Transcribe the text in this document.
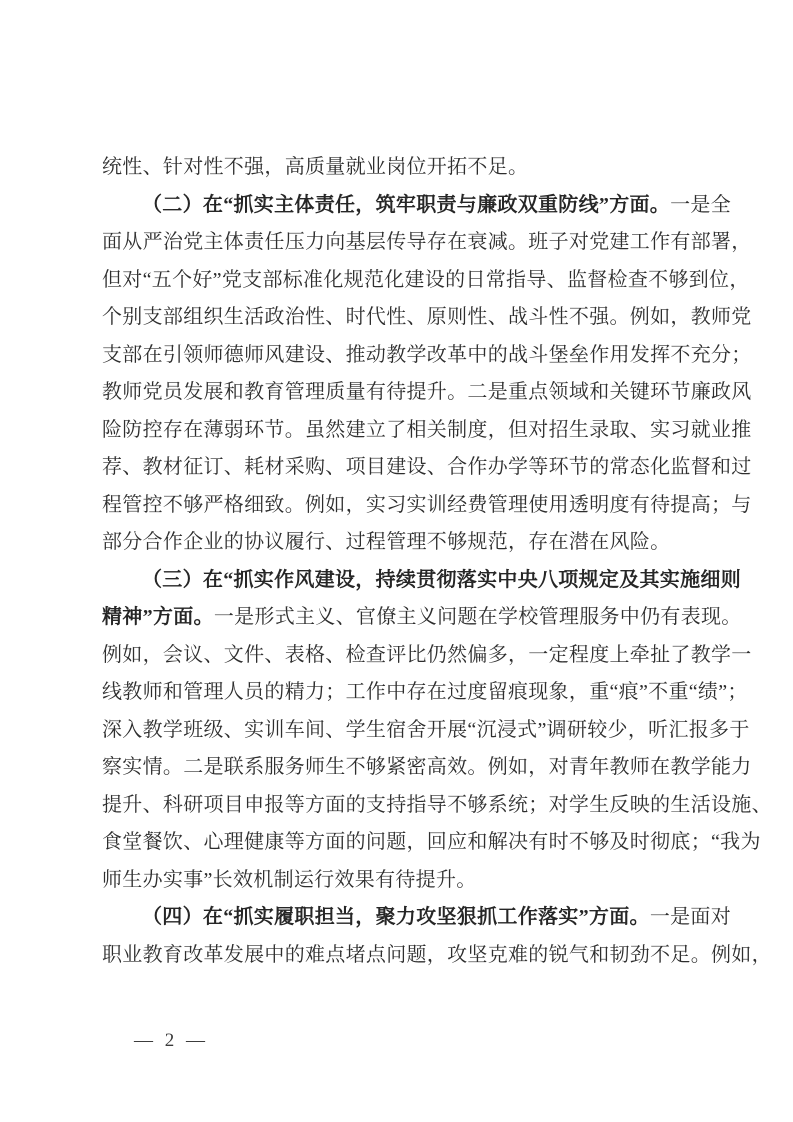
统性、针对性不强，高质量就业岗位开拓不足。
（二）在“抓实主体责任，筑牢职责与廉政双重防线”方面。一是全
面从严治党主体责任压力向基层传导存在衰减。班子对党建工作有部署，
但对“五个好”党支部标准化规范化建设的日常指导、监督检查不够到位，
个别支部组织生活政治性、时代性、原则性、战斗性不强。例如，教师党
支部在引领师德师风建设、推动教学改革中的战斗堡垒作用发挥不充分；
教师党员发展和教育管理质量有待提升。二是重点领域和关键环节廉政风
险防控存在薄弱环节。虽然建立了相关制度，但对招生录取、实习就业推
荐、教材征订、耗材采购、项目建设、合作办学等环节的常态化监督和过
程管控不够严格细致。例如，实习实训经费管理使用透明度有待提高；与
部分合作企业的协议履行、过程管理不够规范，存在潜在风险。
（三）在“抓实作风建设，持续贯彻落实中央八项规定及其实施细则
精神”方面。一是形式主义、官僚主义问题在学校管理服务中仍有表现。
例如，会议、文件、表格、检查评比仍然偏多，一定程度上牵扯了教学一
线教师和管理人员的精力；工作中存在过度留痕现象，重“痕”不重“绩”；
深入教学班级、实训车间、学生宿舍开展“沉浸式”调研较少，听汇报多于
察实情。二是联系服务师生不够紧密高效。例如，对青年教师在教学能力
提升、科研项目申报等方面的支持指导不够系统；对学生反映的生活设施、
食堂餐饮、心理健康等方面的问题，回应和解决有时不够及时彻底；“我为
师生办实事”长效机制运行效果有待提升。
（四）在“抓实履职担当，聚力攻坚狠抓工作落实”方面。一是面对
职业教育改革发展中的难点堵点问题，攻坚克难的锐气和韧劲不足。例如，
— 2 —
